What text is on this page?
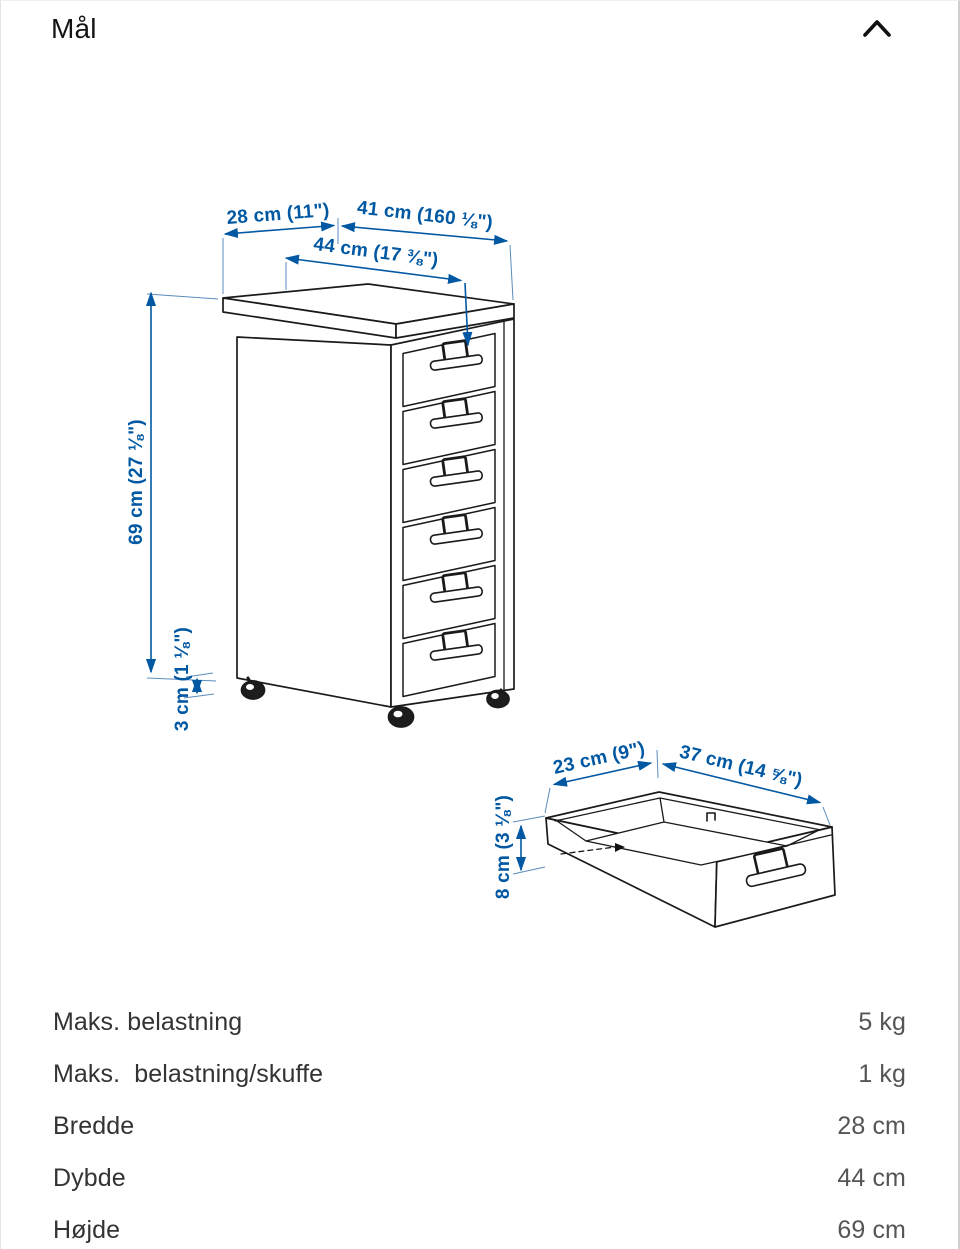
Mål
28 cm (11") 41 cm (160 ⅛")
44 cm (17 ⅜")
69 cm (27 ⅛")
3 cm (1 ⅛")
23 cm (9") 37 cm (14 ⅝")
8 cm (3 ⅛")
Maks. belastning	5 kg
Maks.  belastning/skuffe	1 kg
Bredde	28 cm
Dybde	44 cm
Højde	69 cm
